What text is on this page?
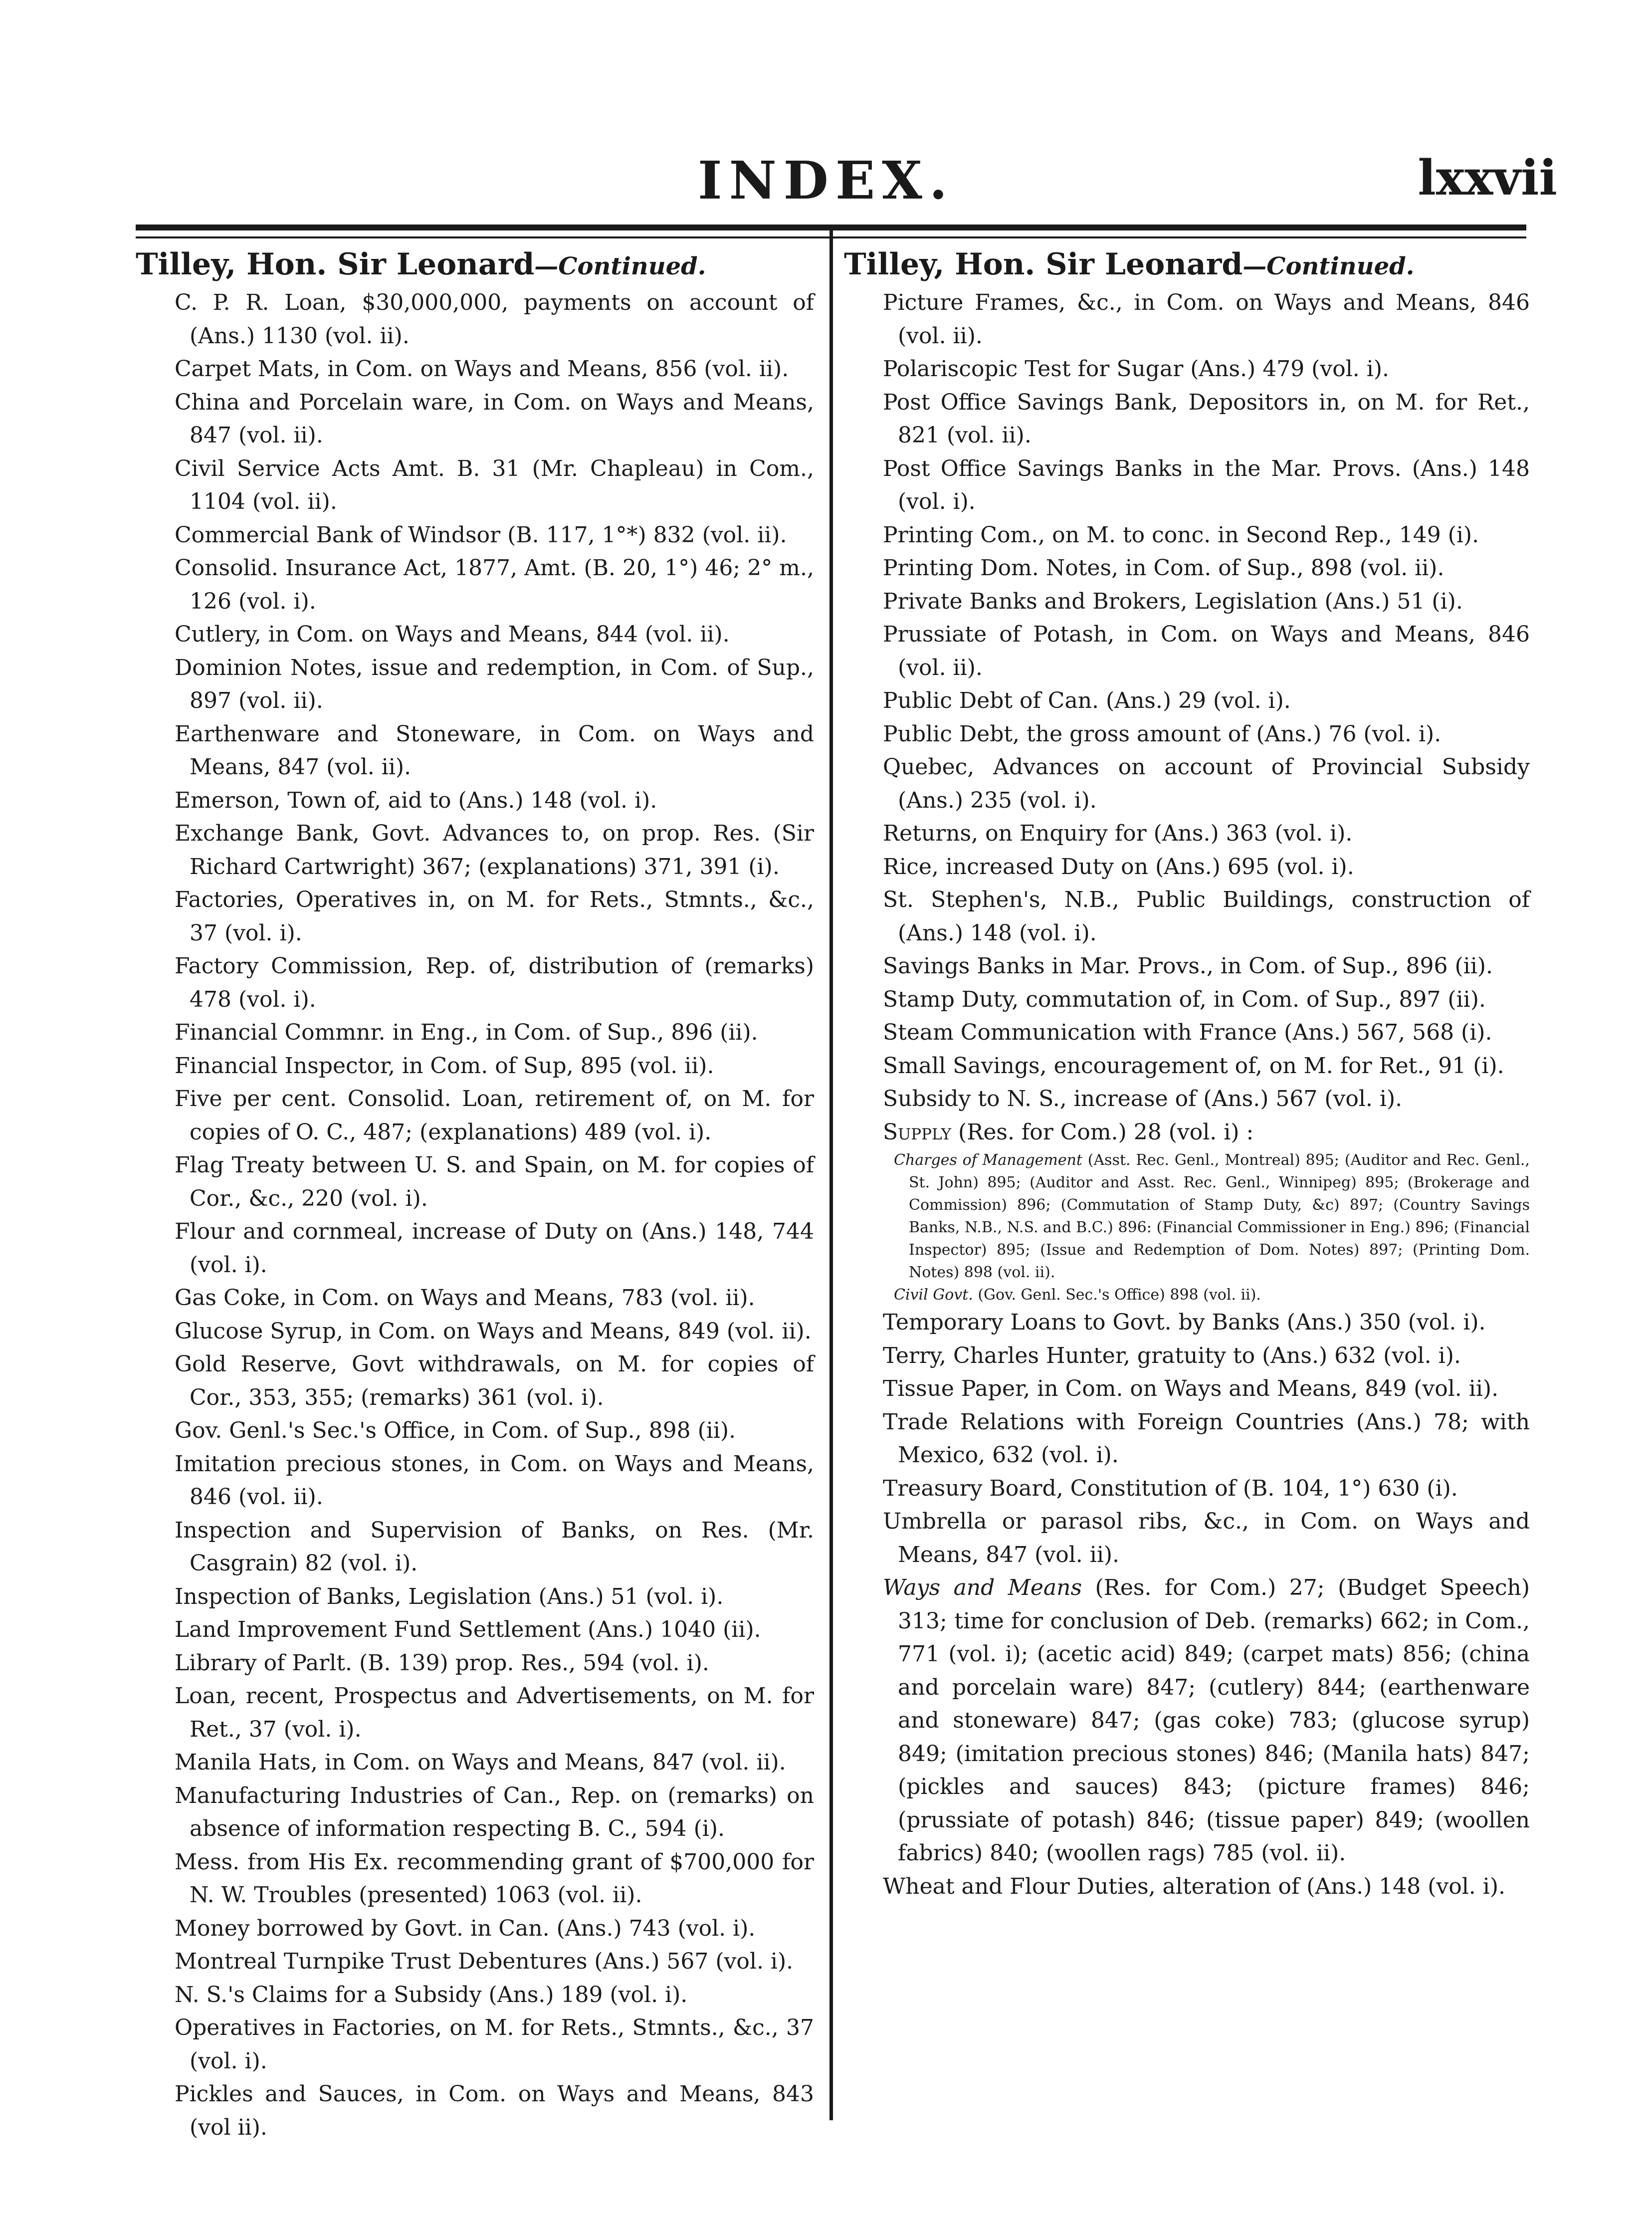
INDEX.	lxxvii

Tilley, Hon. Sir Leonard—Continued.

C. P. R. Loan, $30,000,000, payments on account of (Ans.) 1130 (vol. ii).

Carpet Mats, in Com. on Ways and Means, 856 (vol. ii).

China and Porcelain ware, in Com. on Ways and Means, 847 (vol. ii).

Civil Service Acts Amt. B. 31 (Mr. Chapleau) in Com., 1104 (vol. ii).

Commercial Bank of Windsor (B. 117, 1°*) 832 (vol. ii).

Consolid. Insurance Act, 1877, Amt. (B. 20, 1°) 46; 2° m., 126 (vol. i).

Cutlery, in Com. on Ways and Means, 844 (vol. ii).

Dominion Notes, issue and redemption, in Com. of Sup., 897 (vol. ii).

Earthenware and Stoneware, in Com. on Ways and Means, 847 (vol. ii).

Emerson, Town of, aid to (Ans.) 148 (vol. i).

Exchange Bank, Govt. Advances to, on prop. Res. (Sir Richard Cartwright) 367; (explanations) 371, 391 (i).

Factories, Operatives in, on M. for Rets., Stmnts., &c., 37 (vol. i).

Factory Commission, Rep. of, distribution of (remarks) 478 (vol. i).

Financial Commnr. in Eng., in Com. of Sup., 896 (ii).

Financial Inspector, in Com. of Sup, 895 (vol. ii).

Five per cent. Consolid. Loan, retirement of, on M. for copies of O. C., 487; (explanations) 489 (vol. i).

Flag Treaty between U. S. and Spain, on M. for copies of Cor., &c., 220 (vol. i).

Flour and cornmeal, increase of Duty on (Ans.) 148, 744 (vol. i).

Gas Coke, in Com. on Ways and Means, 783 (vol. ii).

Glucose Syrup, in Com. on Ways and Means, 849 (vol. ii).

Gold Reserve, Govt withdrawals, on M. for copies of Cor., 353, 355; (remarks) 361 (vol. i).

Gov. Genl.'s Sec.'s Office, in Com. of Sup., 898 (ii).

Imitation precious stones, in Com. on Ways and Means, 846 (vol. ii).

Inspection and Supervision of Banks, on Res. (Mr. Casgrain) 82 (vol. i).

Inspection of Banks, Legislation (Ans.) 51 (vol. i).

Land Improvement Fund Settlement (Ans.) 1040 (ii).

Library of Parlt. (B. 139) prop. Res., 594 (vol. i).

Loan, recent, Prospectus and Advertisements, on M. for Ret., 37 (vol. i).

Manila Hats, in Com. on Ways and Means, 847 (vol. ii).

Manufacturing Industries of Can., Rep. on (remarks) on absence of information respecting B. C., 594 (i).

Mess. from His Ex. recommending grant of $700,000 for N. W. Troubles (presented) 1063 (vol. ii).

Money borrowed by Govt. in Can. (Ans.) 743 (vol. i).

Montreal Turnpike Trust Debentures (Ans.) 567 (vol. i).

N. S.'s Claims for a Subsidy (Ans.) 189 (vol. i).

Operatives in Factories, on M. for Rets., Stmnts., &c., 37 (vol. i).

Pickles and Sauces, in Com. on Ways and Means, 843 (vol ii).

Tilley, Hon. Sir Leonard—Continued.

Picture Frames, &c., in Com. on Ways and Means, 846 (vol. ii).

Polariscopic Test for Sugar (Ans.) 479 (vol. i).

Post Office Savings Bank, Depositors in, on M. for Ret., 821 (vol. ii).

Post Office Savings Banks in the Mar. Provs. (Ans.) 148 (vol. i).

Printing Com., on M. to conc. in Second Rep., 149 (i).

Printing Dom. Notes, in Com. of Sup., 898 (vol. ii).

Private Banks and Brokers, Legislation (Ans.) 51 (i).

Prussiate of Potash, in Com. on Ways and Means, 846 (vol. ii).

Public Debt of Can. (Ans.) 29 (vol. i).

Public Debt, the gross amount of (Ans.) 76 (vol. i).

Quebec, Advances on account of Provincial Subsidy (Ans.) 235 (vol. i).

Returns, on Enquiry for (Ans.) 363 (vol. i).

Rice, increased Duty on (Ans.) 695 (vol. i).

St. Stephen's, N.B., Public Buildings, construction of (Ans.) 148 (vol. i).

Savings Banks in Mar. Provs., in Com. of Sup., 896 (ii).

Stamp Duty, commutation of, in Com. of Sup., 897 (ii).

Steam Communication with France (Ans.) 567, 568 (i).

Small Savings, encouragement of, on M. for Ret., 91 (i).

Subsidy to N. S., increase of (Ans.) 567 (vol. i).

Supply (Res. for Com.) 28 (vol. i) :

Charges of Management (Asst. Rec. Genl., Montreal) 895; (Auditor and Rec. Genl., St. John) 895; (Auditor and Asst. Rec. Genl., Winnipeg) 895; (Brokerage and Commission) 896; (Commutation of Stamp Duty, &c) 897; (Country Savings Banks, N.B., N.S. and B.C.) 896: (Financial Commissioner in Eng.) 896; (Financial Inspector) 895; (Issue and Redemption of Dom. Notes) 897; (Printing Dom. Notes) 898 (vol. ii).

Civil Govt. (Gov. Genl. Sec.'s Office) 898 (vol. ii).

Temporary Loans to Govt. by Banks (Ans.) 350 (vol. i).

Terry, Charles Hunter, gratuity to (Ans.) 632 (vol. i).

Tissue Paper, in Com. on Ways and Means, 849 (vol. ii).

Trade Relations with Foreign Countries (Ans.) 78; with Mexico, 632 (vol. i).

Treasury Board, Constitution of (B. 104, 1°) 630 (i).

Umbrella or parasol ribs, &c., in Com. on Ways and Means, 847 (vol. ii).

Ways and Means (Res. for Com.) 27; (Budget Speech) 313; time for conclusion of Deb. (remarks) 662; in Com., 771 (vol. i); (acetic acid) 849; (carpet mats) 856; (china and porcelain ware) 847; (cutlery) 844; (earthenware and stoneware) 847; (gas coke) 783; (glucose syrup) 849; (imitation precious stones) 846; (Manila hats) 847; (pickles and sauces) 843; (picture frames) 846; (prussiate of potash) 846; (tissue paper) 849; (woollen fabrics) 840; (woollen rags) 785 (vol. ii).

Wheat and Flour Duties, alteration of (Ans.) 148 (vol. i).
